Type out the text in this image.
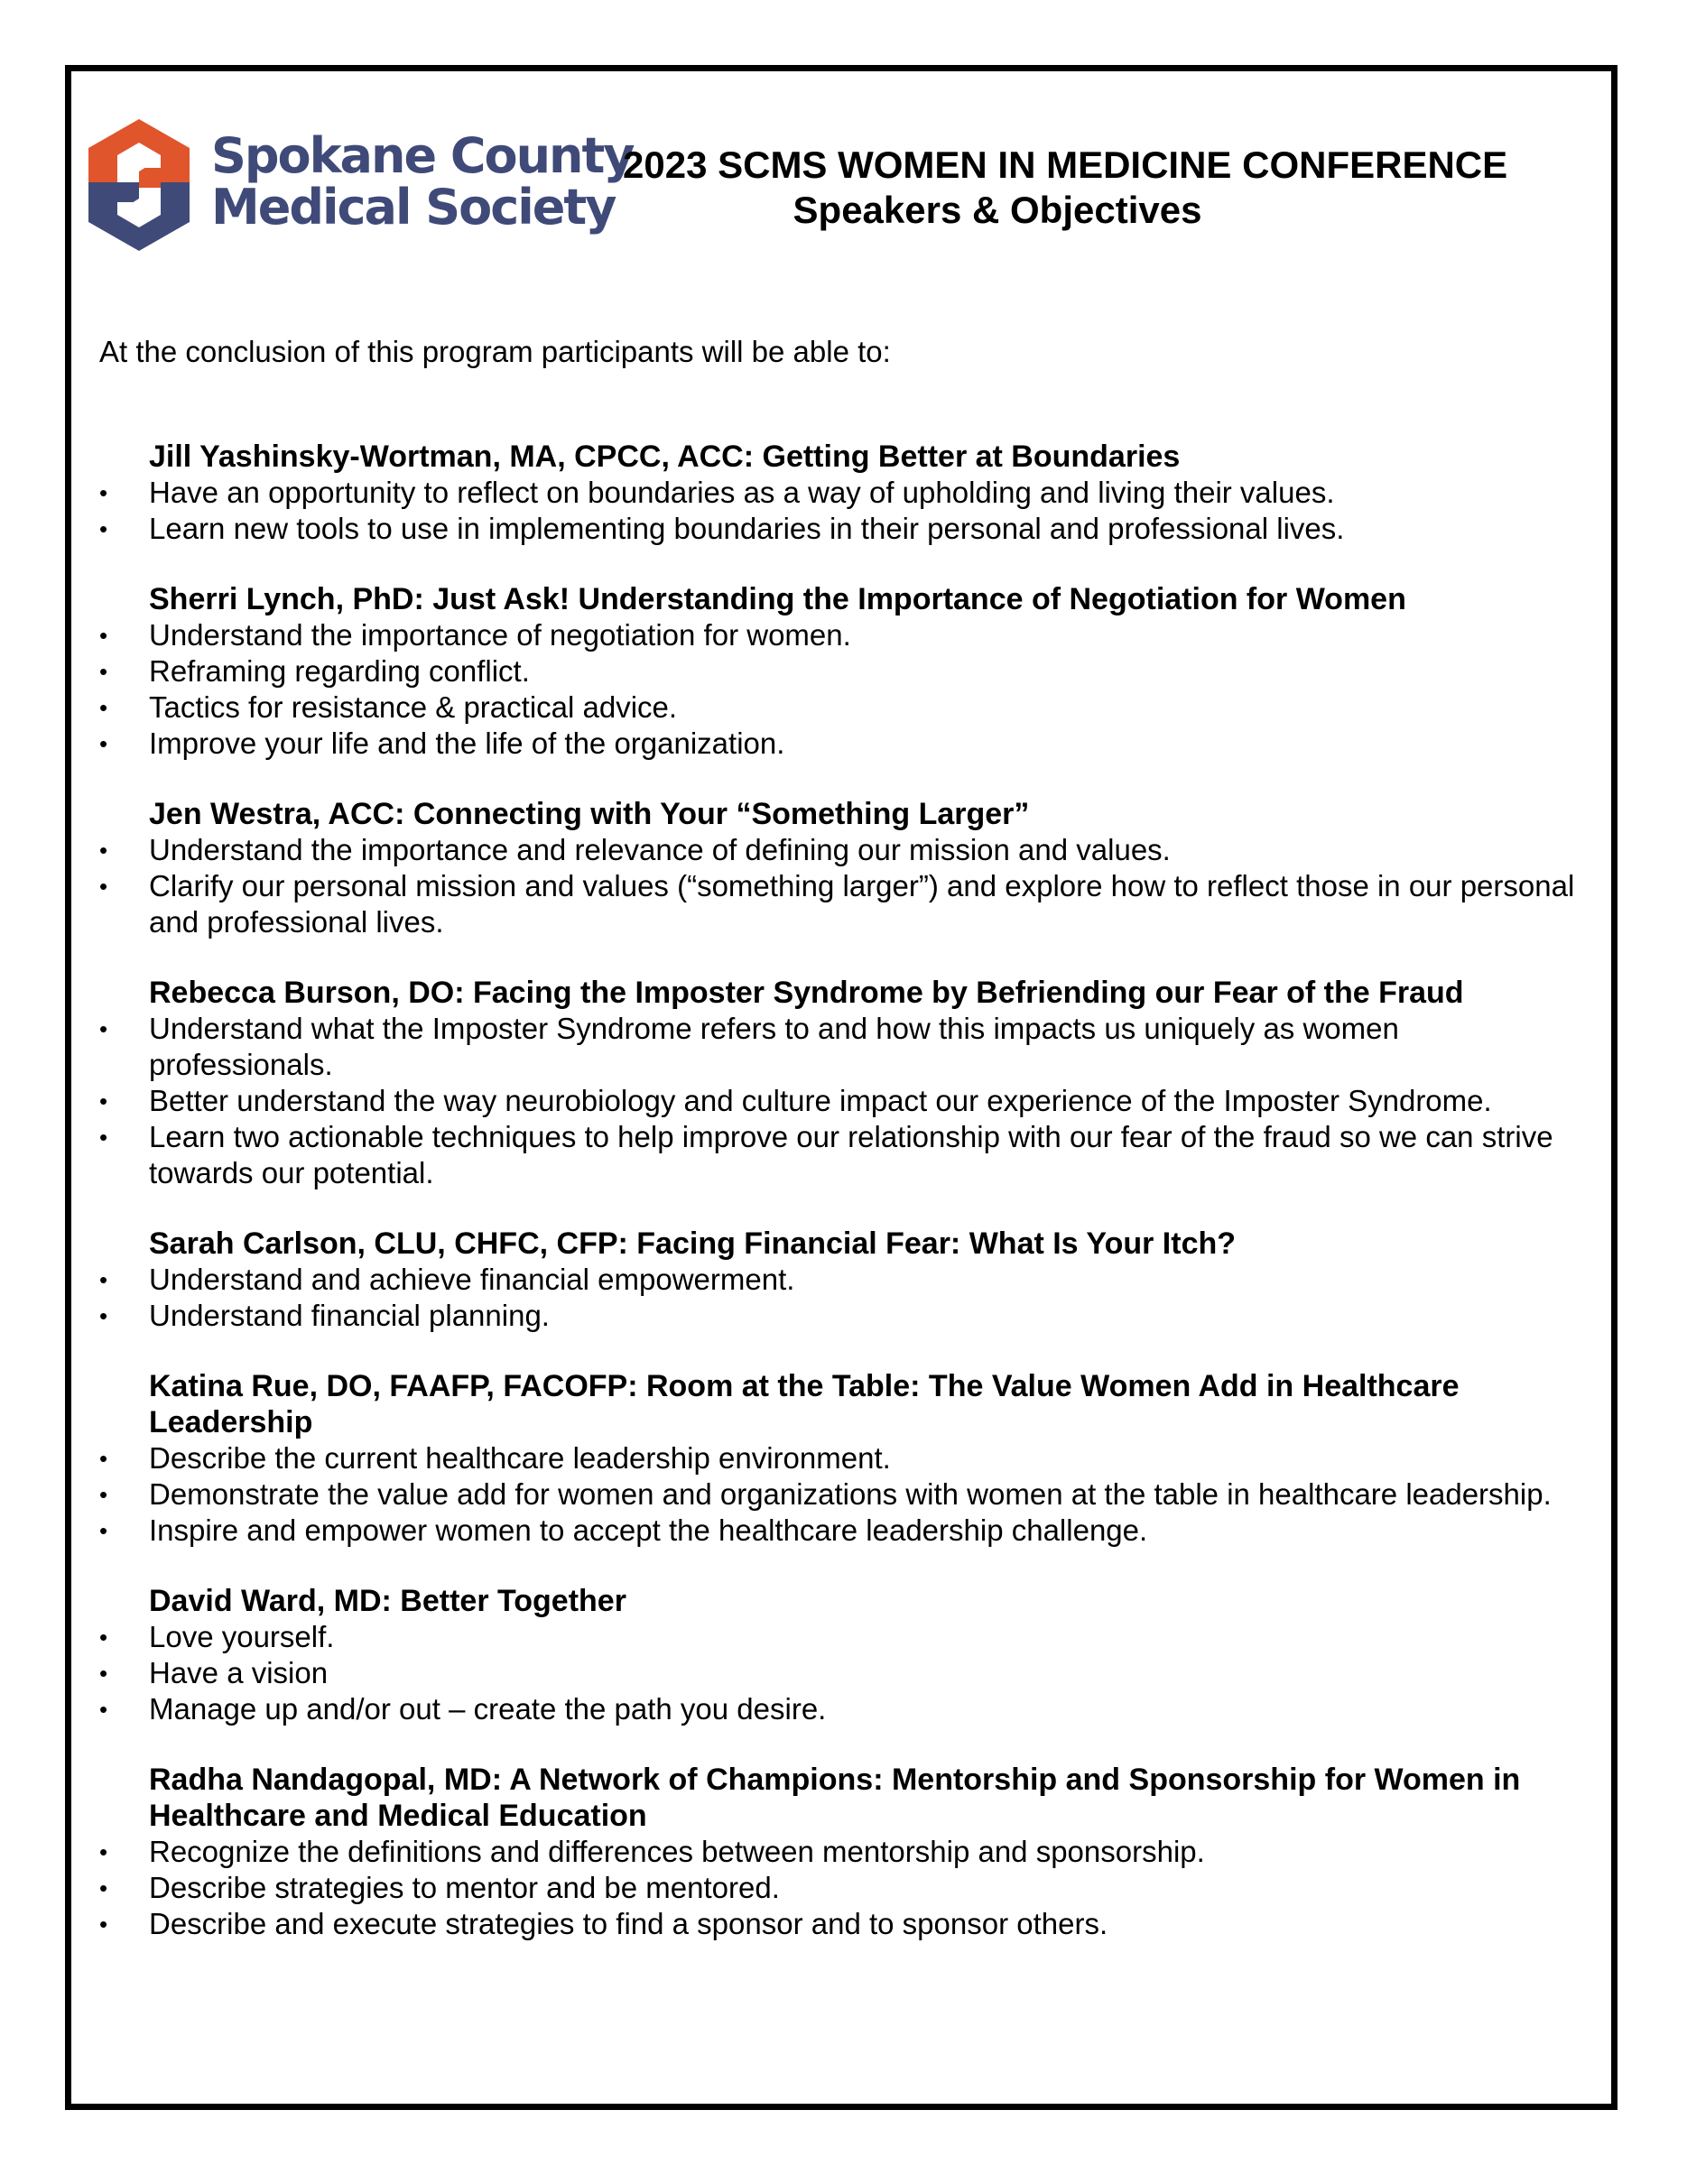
Spokane County
Medical Society
2023 SCMS WOMEN IN MEDICINE CONFERENCE
Speakers & Objectives
At the conclusion of this program participants will be able to:
Jill Yashinsky-Wortman, MA, CPCC, ACC: Getting Better at Boundaries
•	Have an opportunity to reflect on boundaries as a way of upholding and living their values.
•	Learn new tools to use in implementing boundaries in their personal and professional lives.
Sherri Lynch, PhD: Just Ask! Understanding the Importance of Negotiation for Women
•	Understand the importance of negotiation for women.
•	Reframing regarding conflict.
•	Tactics for resistance & practical advice.
•	Improve your life and the life of the organization.
Jen Westra, ACC: Connecting with Your “Something Larger”
•	Understand the importance and relevance of defining our mission and values.
•	Clarify our personal mission and values (“something larger”) and explore how to reflect those in our personal and professional lives.
Rebecca Burson, DO: Facing the Imposter Syndrome by Befriending our Fear of the Fraud
•	Understand what the Imposter Syndrome refers to and how this impacts us uniquely as women professionals.
•	Better understand the way neurobiology and culture impact our experience of the Imposter Syndrome.
•	Learn two actionable techniques to help improve our relationship with our fear of the fraud so we can strive towards our potential.
Sarah Carlson, CLU, CHFC, CFP: Facing Financial Fear: What Is Your Itch?
•	Understand and achieve financial empowerment.
•	Understand financial planning.
Katina Rue, DO, FAAFP, FACOFP: Room at the Table: The Value Women Add in Healthcare Leadership
•	Describe the current healthcare leadership environment.
•	Demonstrate the value add for women and organizations with women at the table in healthcare leadership.
•	Inspire and empower women to accept the healthcare leadership challenge.
David Ward, MD: Better Together
•	Love yourself.
•	Have a vision
•	Manage up and/or out – create the path you desire.
Radha Nandagopal, MD: A Network of Champions: Mentorship and Sponsorship for Women in Healthcare and Medical Education
•	Recognize the definitions and differences between mentorship and sponsorship.
•	Describe strategies to mentor and be mentored.
•	Describe and execute strategies to find a sponsor and to sponsor others.
